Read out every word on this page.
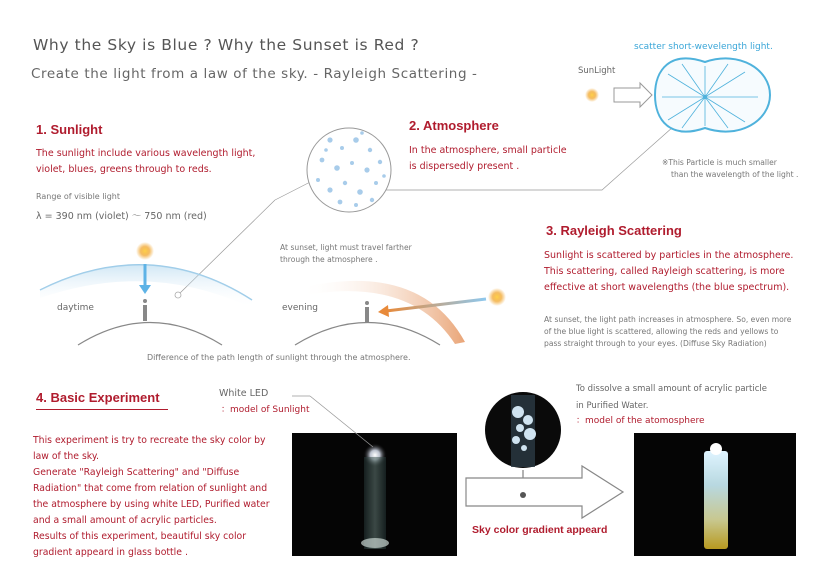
Why the Sky is Blue ? Why the Sunset is Red ?
Create the light from a law of the sky. - Rayleigh Scattering -
1. Sunlight
The sunlight include various wavelength light,
violet, blues, greens through to reds.
Range of visible light
λ = 390 nm (violet) ～ 750 nm (red)
2. Atmosphere
In the atmosphere, small particle
is dispersedly present .
scatter short-wevelength light.
SunLight
※This Particle is much smaller
than the wavelength of the light .
daytime	evening
At sunset, light must travel farther
through the atmosphere .
Difference of the path length of sunlight through the atmosphere.
3. Rayleigh Scattering
Sunlight is scattered by particles in the atmosphere.
This scattering, called Rayleigh scattering, is more
effective at short wavelengths (the blue spectrum).
At sunset, the light path increases in atmosphere. So, even more
of the blue light is scattered, allowing the reds and yellows to
pass straight through to your eyes. (Diffuse Sky Radiation)
4. Basic Experiment
This experiment is try to recreate the sky color by
law of the sky.
Generate "Rayleigh Scattering" and "Diffuse
Radiation" that come from relation of sunlight and
the atmosphere by using white LED, Purified water
and a small amount of acrylic particles.
Results of this experiment, beautiful sky color
gradient appeard in glass bottle .
White LED
：model of Sunlight
To dissolve a small amount of acrylic particle
in Purified Water.
：model of the atomosphere
Sky color gradient appeard
